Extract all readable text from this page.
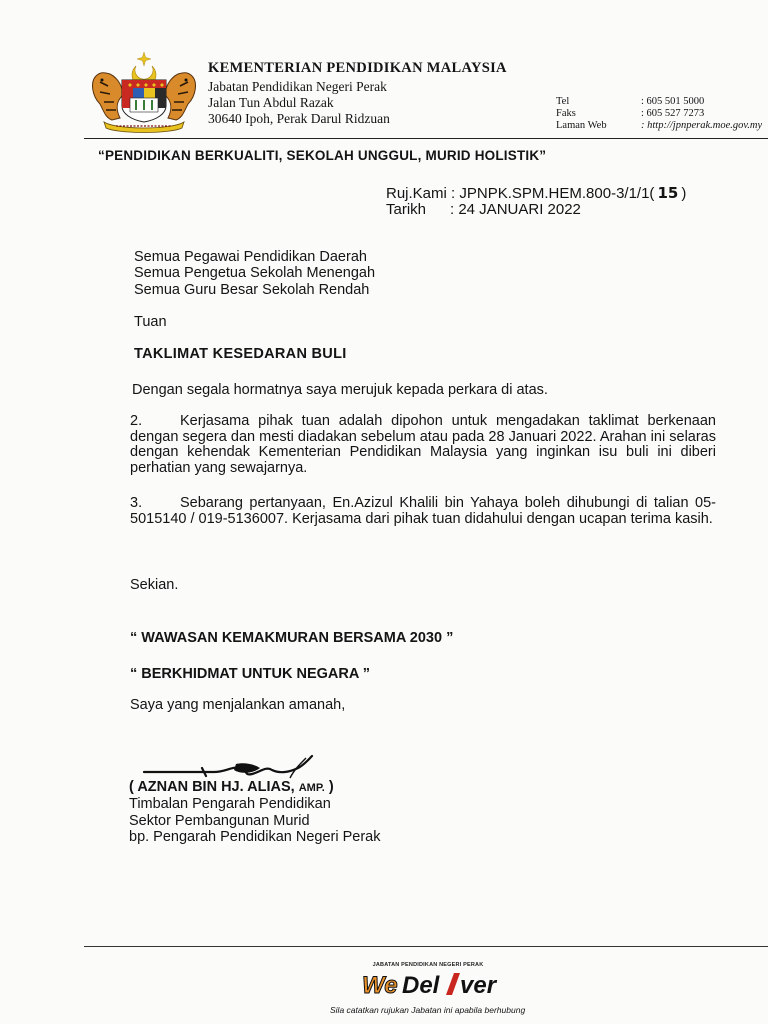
KEMENTERIAN PENDIDIKAN MALAYSIA
Jabatan Pendidikan Negeri Perak
Jalan Tun Abdul Razak
30640 Ipoh, Perak Darul Ridzuan
Tel	: 605 501 5000
Faks	: 605 527 7273
Laman Web	: http://jpnperak.moe.gov.my
“PENDIDIKAN BERKUALITI, SEKOLAH UNGGUL, MURID HOLISTIK”
Ruj.Kami : JPNPK.SPM.HEM.800-3/1/1( 15 )
Tarikh : 24 JANUARI 2022
Semua Pegawai Pendidikan Daerah
Semua Pengetua Sekolah Menengah
Semua Guru Besar Sekolah Rendah
Tuan
TAKLIMAT KESEDARAN BULI
Dengan segala hormatnya saya merujuk kepada perkara di atas.
2.	Kerjasama pihak tuan adalah dipohon untuk mengadakan taklimat berkenaan dengan segera dan mesti diadakan sebelum atau pada 28 Januari 2022. Arahan ini selaras dengan kehendak Kementerian Pendidikan Malaysia yang inginkan isu buli ini diberi perhatian yang sewajarnya.
3.	Sebarang pertanyaan, En.Azizul Khalili bin Yahaya boleh dihubungi di talian 05-5015140 / 019-5136007. Kerjasama dari pihak tuan didahului dengan ucapan terima kasih.
Sekian.
“ WAWASAN KEMAKMURAN BERSAMA 2030 ”
“ BERKHIDMAT UNTUK NEGARA ”
Saya yang menjalankan amanah,
( AZNAN BIN HJ. ALIAS, AMP. )
Timbalan Pengarah Pendidikan
Sektor Pembangunan Murid
bp. Pengarah Pendidikan Negeri Perak
JABATAN PENDIDIKAN NEGERI PERAK
We Del ver
Sila catatkan rujukan Jabatan ini apabila berhubung
